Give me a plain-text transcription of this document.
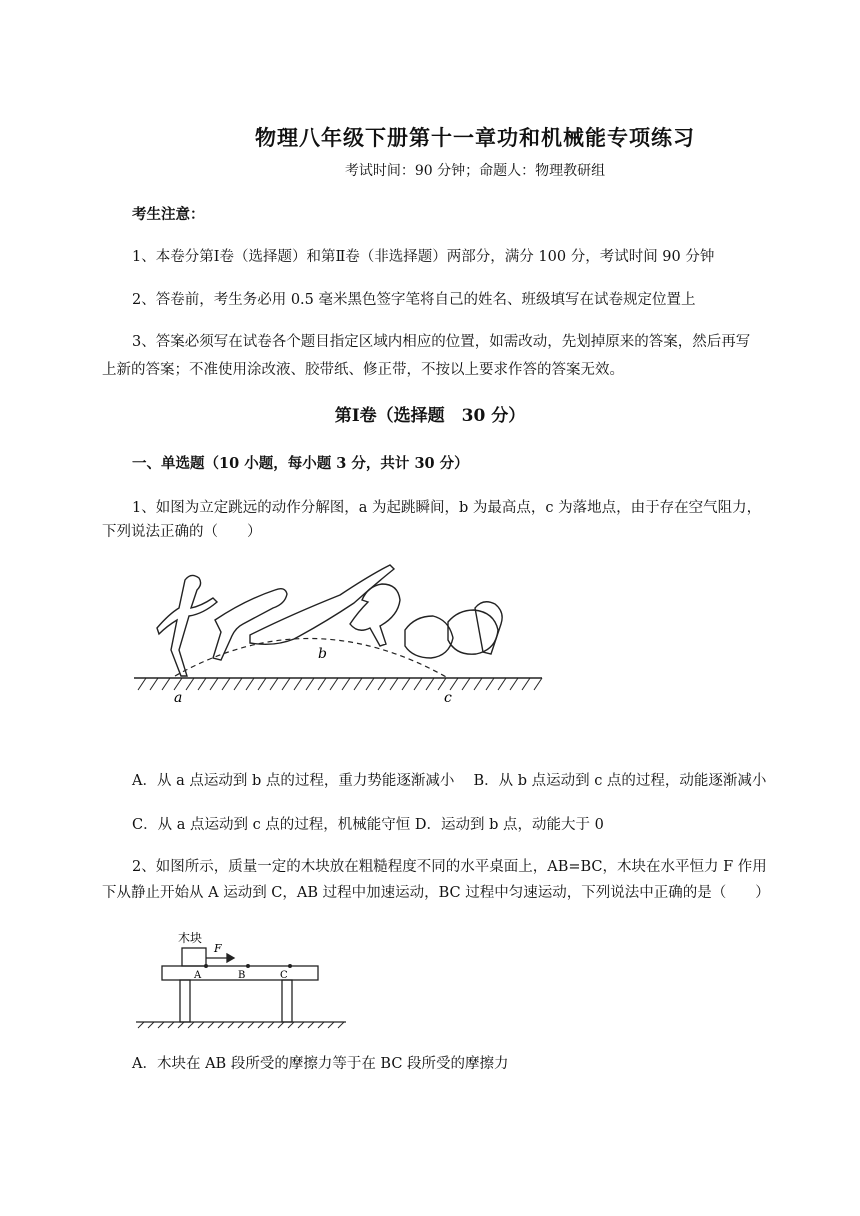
物理八年级下册第十一章功和机械能专项练习
考试时间：90 分钟；命题人：物理教研组
考生注意：
1、本卷分第Ⅰ卷（选择题）和第Ⅱ卷（非选择题）两部分，满分 100 分，考试时间 90 分钟
2、答卷前，考生务必用 0.5 毫米黑色签字笔将自己的姓名、班级填写在试卷规定位置上
3、答案必须写在试卷各个题目指定区域内相应的位置，如需改动，先划掉原来的答案，然后再写
上新的答案；不准使用涂改液、胶带纸、修正带，不按以上要求作答的答案无效。
第Ⅰ卷（选择题　30 分）
一、单选题（10 小题，每小题 3 分，共计 30 分）
1、如图为立定跳远的动作分解图，a 为起跳瞬间，b 为最高点，c 为落地点，由于存在空气阻力，
下列说法正确的（　　）
b
a	c
A．从 a 点运动到 b 点的过程，重力势能逐渐减小　 B．从 b 点运动到 c 点的过程，动能逐渐减小
C．从 a 点运动到 c 点的过程，机械能守恒 D．运动到 b 点，动能大于 0
2、如图所示，质量一定的木块放在粗糙程度不同的水平桌面上，AB=BC，木块在水平恒力 F 作用
下从静止开始从 A 运动到 C，AB 过程中加速运动，BC 过程中匀速运动，下列说法中正确的是（　　）
木块
F
A	B	C
A．木块在 AB 段所受的摩擦力等于在 BC 段所受的摩擦力
